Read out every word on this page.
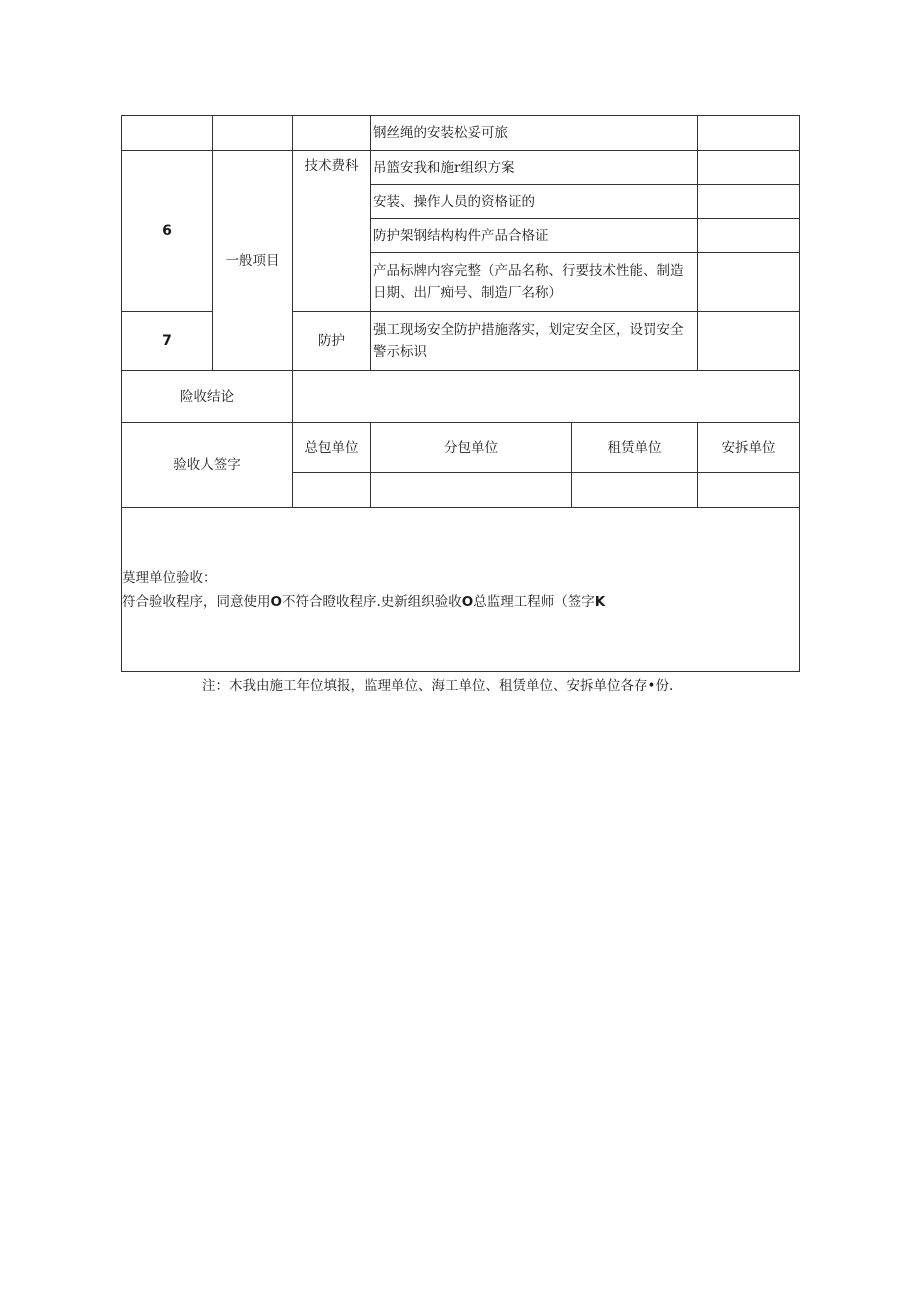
			钢丝绳的安装松妥可旅		
6	一般项目	技术费科	吊篮安我和施r组织方案		
			安装、操作人员的资格证的		
			防护架钢结构构件产品合格证		
			产品标牌内容完整（产品名称、行要技术性能、制造日期、出厂痴号、制造厂名称）		
7		防护	强工现场安全防护措施落实，划定安全区，设罚安全警示标识		
险收结论					
验收人签字		总包单位	分包单位	租赁单位	安拆单位

莫理单位验收：
符合验收程序，同意使用O不符合瞪收程序.史新组织验收O总监理工程师（签字K					
注：木我由施工年位填报，监理单位、海工单位、租赁单位、安拆单位各存•份.
